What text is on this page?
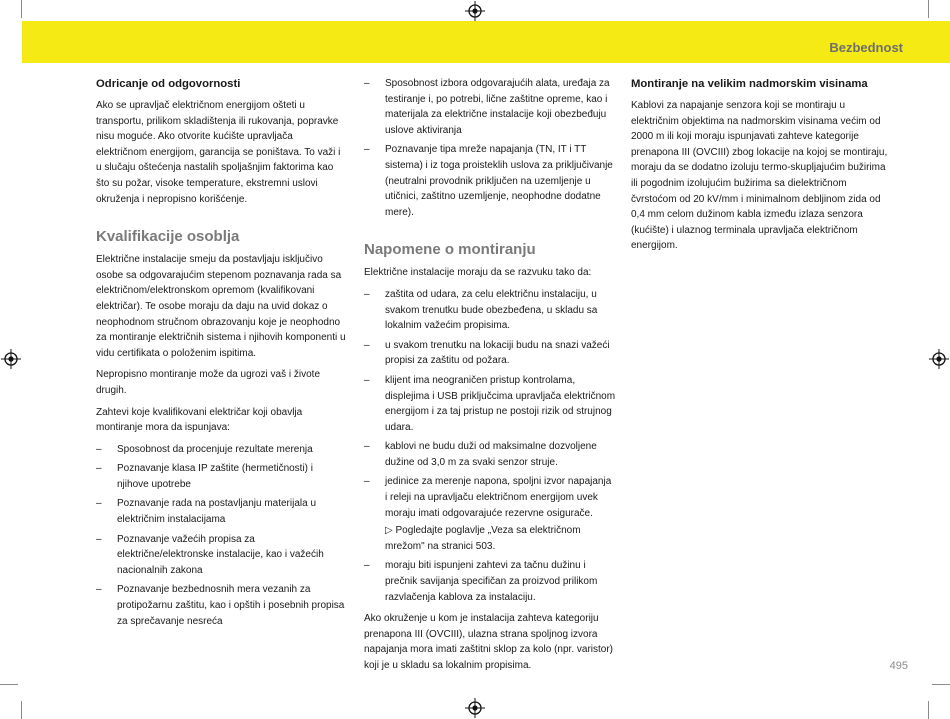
Bezbednost
Odricanje od odgovornosti

Ako se upravljač električnom energijom ošteti u transportu, prilikom skladištenja ili rukovanja, popravke nisu moguće. Ako otvorite kućište upravljača električnom energijom, garancija se poništava. To važi i u slučaju oštećenja nastalih spoljašnjim faktorima kao što su požar, visoke temperature, ekstremni uslovi okruženja i nepropisno korišćenje.

Kvalifikacije osoblja

Električne instalacije smeju da postavljaju isključivo osobe sa odgovarajućim stepenom poznavanja rada sa električnom/elektronskom opremom (kvalifikovani električar). Te osobe moraju da daju na uvid dokaz o neophodnom stručnom obrazovanju koje je neophodno za montiranje električnih sistema i njihovih komponenti u vidu certifikata o položenim ispitima.

Nepropisno montiranje može da ugrozi vaš i živote drugih.

Zahtevi koje kvalifikovani električar koji obavlja montiranje mora da ispunjava:

– Sposobnost da procenjuje rezultate merenja
– Poznavanje klasa IP zaštite (hermetičnosti) i njihove upotrebe
– Poznavanje rada na postavljanju materijala u električnim instalacijama
– Poznavanje važećih propisa za električne/elektronske instalacije, kao i važećih nacionalnih zakona
– Poznavanje bezbednosnih mera vezanih za protipožarnu zaštitu, kao i opštih i posebnih propisa za sprečavanje nesreća
– Sposobnost izbora odgovarajućih alata, uređaja za testiranje i, po potrebi, lične zaštitne opreme, kao i materijala za električne instalacije koji obezbeđuju uslove aktiviranja
– Poznavanje tipa mreže napajanja (TN, IT i TT sistema) i iz toga proisteklih uslova za priključivanje (neutralni provodnik priključen na uzemljenje u utičnici, zaštitno uzemljenje, neophodne dodatne mere).
Napomene o montiranju

Električne instalacije moraju da se razvuku tako da:

– zaštita od udara, za celu električnu instalaciju, u svakom trenutku bude obezbeđena, u skladu sa lokalnim važećim propisima.
– u svakom trenutku na lokaciji budu na snazi važeći propisi za zaštitu od požara.
– klijent ima neograničen pristup kontrolama, displejima i USB priključcima upravljača električnom energijom i za taj pristup ne postoji rizik od strujnog udara.
– kablovi ne budu duži od maksimalne dozvoljene dužine od 3,0 m za svaki senzor struje.
– jedinice za merenje napona, spoljni izvor napajanja i releji na upravljaču električnom energijom uvek moraju imati odgovarajuće rezervne osigurače.
▷ Pogledajte poglavlje „Veza sa električnom mrežom" na stranici 503.
– moraju biti ispunjeni zahtevi za tačnu dužinu i prečnik savijanja specifičan za proizvod prilikom razvlačenja kablova za instalaciju.

Ako okruženje u kom je instalacija zahteva kategoriju prenapona III (OVCIII), ulazna strana spoljnog izvora napajanja mora imati zaštitni sklop za kolo (npr. varistor) koji je u skladu sa lokalnim propisima.

Montiranje na velikim nadmorskim visinama

Kablovi za napajanje senzora koji se montiraju u električnim objektima na nadmorskim visinama većim od 2000 m ili koji moraju ispunjavati zahteve kategorije prenapona III (OVCIII) zbog lokacije na kojoj se montiraju, moraju da se dodatno izoluju termo-skupljajućim bužirima ili pogodnim izolujućim bužirima sa dielektričnom čvrstoćom od 20 kV/mm i minimalnom debljinom zida od 0,4 mm celom dužinom kabla između izlaza senzora (kućište) i ulaznog terminala upravljača električnom energijom.

495
